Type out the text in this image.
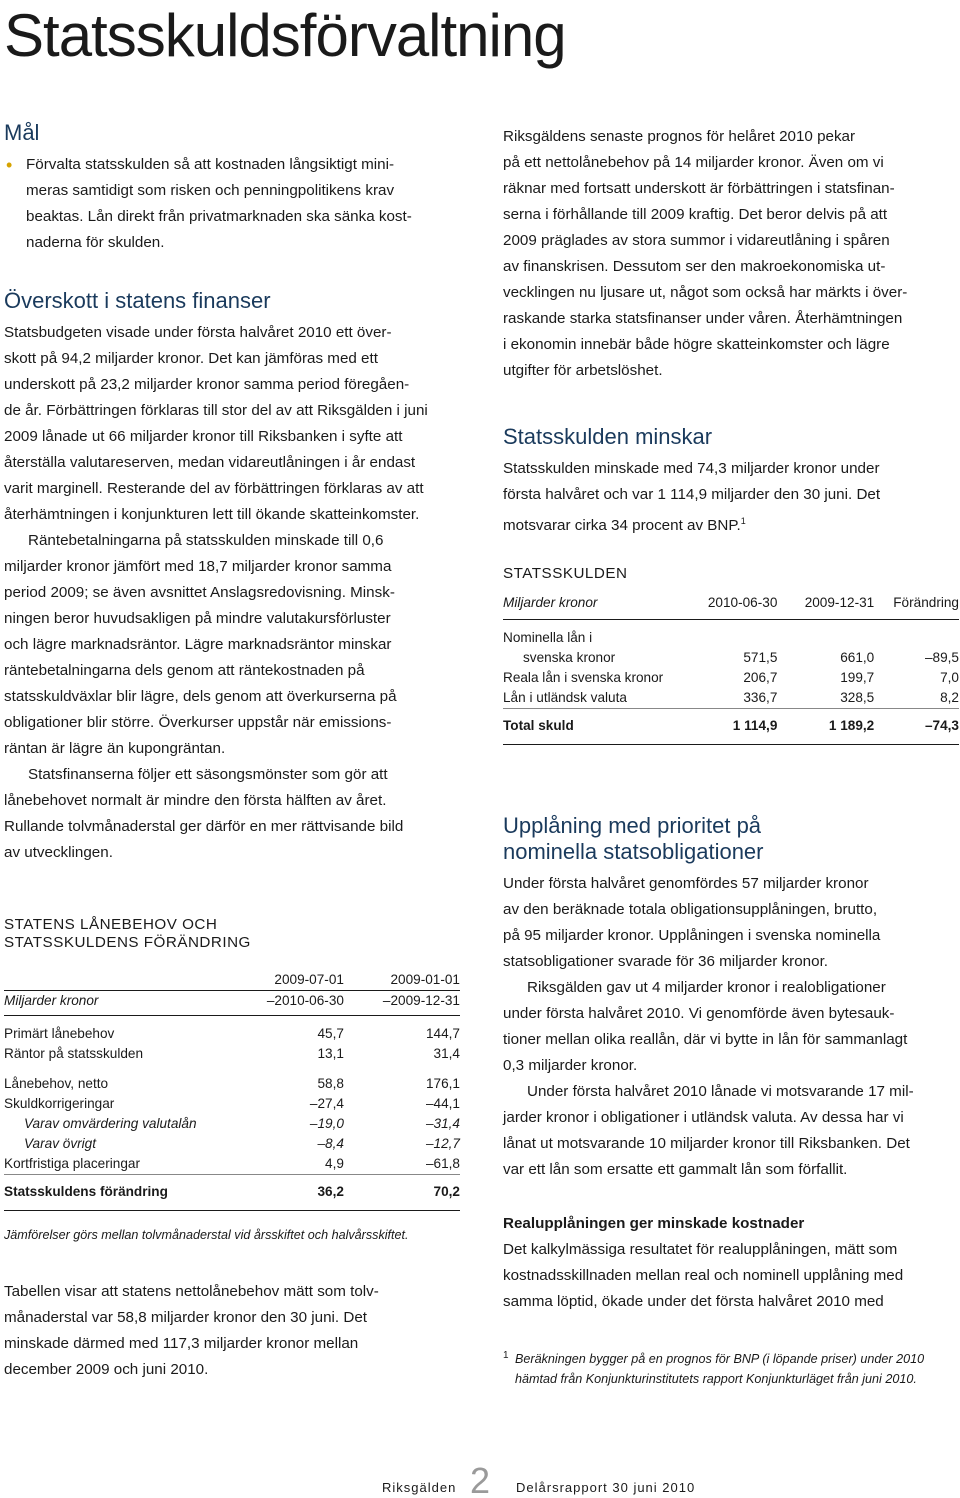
Statsskuldsförvaltning
Mål
• Förvalta statsskulden så att kostnaden långsiktigt mini-
meras samtidigt som risken och penningpolitikens krav
beaktas. Lån direkt från privatmarknaden ska sänka kost-
naderna för skulden.
Överskott i statens finanser
Statsbudgeten visade under första halvåret 2010 ett över-
skott på 94,2 miljarder kronor. Det kan jämföras med ett
underskott på 23,2 miljarder kronor samma period föregåen-
de år. Förbättringen förklaras till stor del av att Riksgälden i juni
2009 lånade ut 66 miljarder kronor till Riksbanken i syfte att
återställa valutareserven, medan vidareutlåningen i år endast
varit marginell. Resterande del av förbättringen förklaras av att
återhämtningen i konjunkturen lett till ökande skatteinkomster.
Räntebetalningarna på statsskulden minskade till 0,6
miljarder kronor jämfört med 18,7 miljarder kronor samma
period 2009; se även avsnittet Anslagsredovisning. Minsk-
ningen beror huvudsakligen på mindre valutakursförluster
och lägre marknadsräntor. Lägre marknadsräntor minskar
räntebetalningarna dels genom att räntekostnaden på
statsskuldväxlar blir lägre, dels genom att överkurserna på
obligationer blir större. Överkurser uppstår när emissions-
räntan är lägre än kupongräntan.
Statsfinanserna följer ett säsongsmönster som gör att
lånebehovet normalt är mindre den första hälften av året.
Rullande tolvmånaderstal ger därför en mer rättvisande bild
av utvecklingen.
STATENS LÅNEBEHOV OCH
STATSSKULDENS FÖRÄNDRING
	2009-07-01	2009-01-01
Miljarder kronor	–2010-06-30	–2009-12-31

Primärt lånebehov	45,7	144,7
Räntor på statsskulden	13,1	31,4

Lånebehov, netto	58,8	176,1
Skuldkorrigeringar	–27,4	–44,1
Varav omvärdering valutalån	–19,0	–31,4
Varav övrigt	–8,4	–12,7
Kortfristiga placeringar	4,9	–61,8

Statsskuldens förändring	36,2	70,2
Jämförelser görs mellan tolvmånaderstal vid årsskiftet och halvårsskiftet.
Tabellen visar att statens nettolånebehov mätt som tolv-
månaderstal var 58,8 miljarder kronor den 30 juni. Det
minskade därmed med 117,3 miljarder kronor mellan
december 2009 och juni 2010.
Riksgäldens senaste prognos för helåret 2010 pekar
på ett nettolånebehov på 14 miljarder kronor. Även om vi
räknar med fortsatt underskott är förbättringen i statsfinan-
serna i förhållande till 2009 kraftig. Det beror delvis på att
2009 präglades av stora summor i vidareutlåning i spåren
av finanskrisen. Dessutom ser den makroekonomiska ut-
vecklingen nu ljusare ut, något som också har märkts i över-
raskande starka statsfinanser under våren. Återhämtningen
i ekonomin innebär både högre skatteinkomster och lägre
utgifter för arbetslöshet.
Statsskulden minskar
Statsskulden minskade med 74,3 miljarder kronor under
första halvåret och var 1 114,9 miljarder den 30 juni. Det
motsvarar cirka 34 procent av BNP.$^1$
STATSSKULDEN
Miljarder kronor	2010-06-30	2009-12-31	Förändring

Nominella lån i			
svenska kronor	571,5	661,0	–89,5
Reala lån i svenska kronor	206,7	199,7	7,0
Lån i utländsk valuta	336,7	328,5	8,2

Total skuld	1 114,9	1 189,2	–74,3
Upplåning med prioritet på
nominella statsobligationer
Under första halvåret genomfördes 57 miljarder kronor
av den beräknade totala obligationsupplåningen, brutto,
på 95 miljarder kronor. Upplåningen i svenska nominella
statsobligationer svarade för 36 miljarder kronor.
Riksgälden gav ut 4 miljarder kronor i realobligationer
under första halvåret 2010. Vi genomförde även bytesauk-
tioner mellan olika reallån, där vi bytte in lån för sammanlagt
0,3 miljarder kronor.
Under första halvåret 2010 lånade vi motsvarande 17 mil-
jarder kronor i obligationer i utländsk valuta. Av dessa har vi
lånat ut motsvarande 10 miljarder kronor till Riksbanken. Det
var ett lån som ersatte ett gammalt lån som förfallit.
Realupplåningen ger minskade kostnader
Det kalkylmässiga resultatet för realupplåningen, mätt som
kostnadsskillnaden mellan real och nominell upplåning med
samma löptid, ökade under det första halvåret 2010 med
1 Beräkningen bygger på en prognos för BNP (i löpande priser) under 2010
hämtad från Konjunkturinstitutets rapport Konjunkturläget från juni 2010.
Riksgälden 2 Delårsrapport 30 juni 2010
